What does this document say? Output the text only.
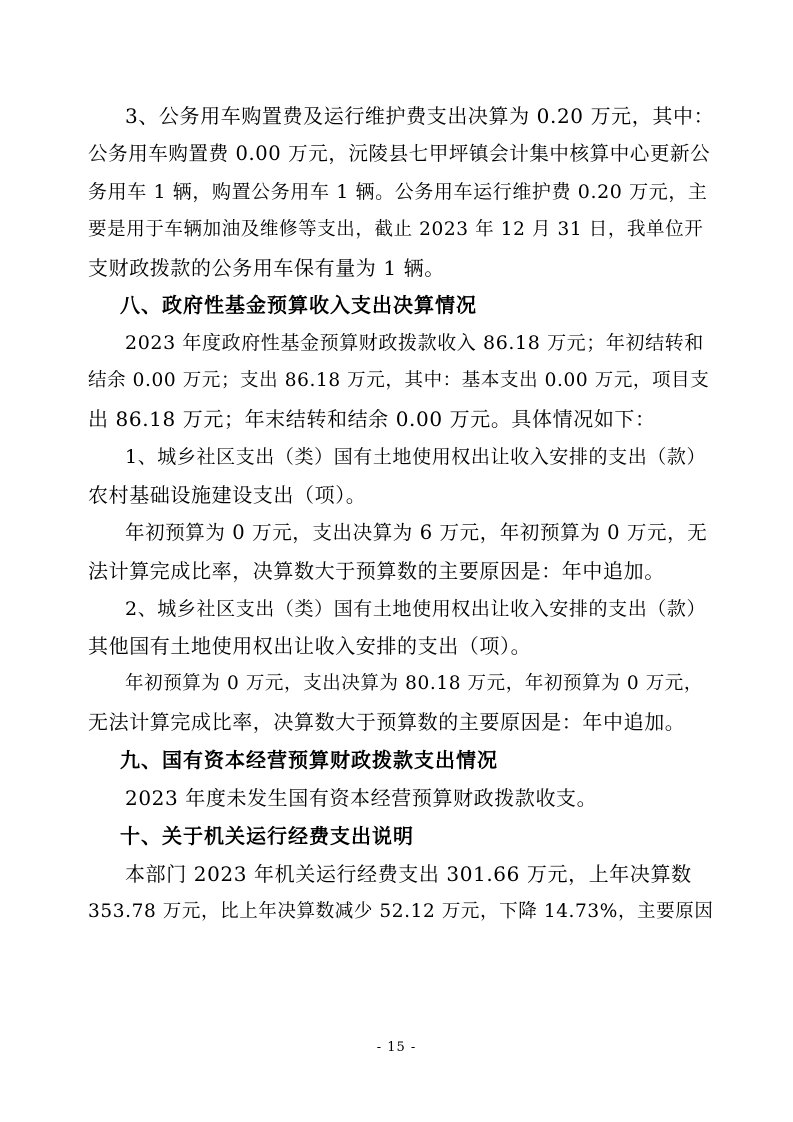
3、公务用车购置费及运行维护费支出决算为 0.20 万元，其中：
公务用车购置费 0.00 万元，沅陵县七甲坪镇会计集中核算中心更新公
务用车 1 辆，购置公务用车 1 辆。公务用车运行维护费 0.20 万元，主
要是用于车辆加油及维修等支出，截止 2023 年 12 月 31 日，我单位开
支财政拨款的公务用车保有量为 1 辆。
八、政府性基金预算收入支出决算情况
2023 年度政府性基金预算财政拨款收入 86.18 万元；年初结转和
结余 0.00 万元；支出 86.18 万元，其中：基本支出 0.00 万元，项目支
出 86.18 万元；年末结转和结余 0.00 万元。具体情况如下：
1、城乡社区支出（类）国有土地使用权出让收入安排的支出（款）
农村基础设施建设支出（项）。
年初预算为 0 万元，支出决算为 6 万元，年初预算为 0 万元，无
法计算完成比率，决算数大于预算数的主要原因是：年中追加。
2、城乡社区支出（类）国有土地使用权出让收入安排的支出（款）
其他国有土地使用权出让收入安排的支出（项）。
年初预算为 0 万元，支出决算为 80.18 万元，年初预算为 0 万元，
无法计算完成比率，决算数大于预算数的主要原因是：年中追加。
九、国有资本经营预算财政拨款支出情况
2023 年度未发生国有资本经营预算财政拨款收支。
十、关于机关运行经费支出说明
本部门 2023 年机关运行经费支出 301.66 万元，上年决算数
353.78 万元，比上年决算数减少 52.12 万元，下降 14.73%，主要原因
- 15 -
